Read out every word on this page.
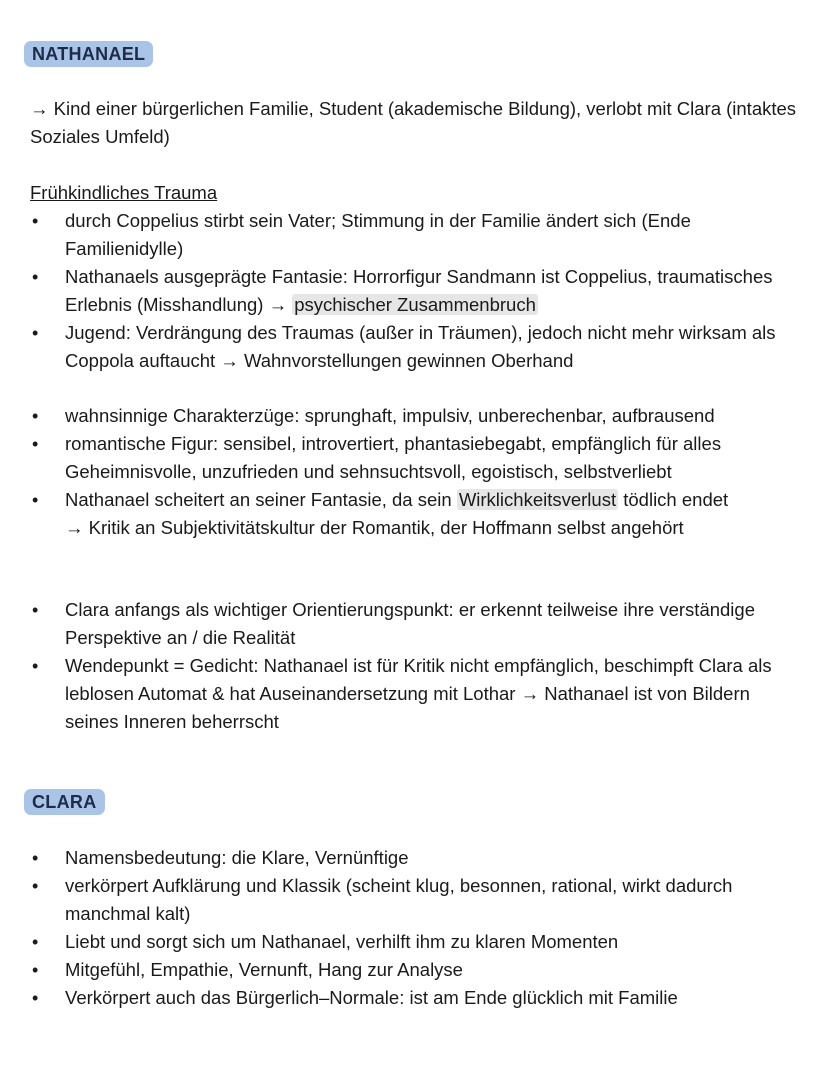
NATHANAEL

→ Kind einer bürgerlichen Familie, Student (akademische Bildung), verlobt mit Clara (intaktes Soziales Umfeld)

Frühkindliches Trauma

• durch Coppelius stirbt sein Vater; Stimmung in der Familie ändert sich (Ende Familienidylle)
• Nathanaels ausgeprägte Fantasie: Horrorfigur Sandmann ist Coppelius, traumatisches Erlebnis (Misshandlung) → psychischer Zusammenbruch
• Jugend: Verdrängung des Traumas (außer in Träumen), jedoch nicht mehr wirksam als Coppola auftaucht → Wahnvorstellungen gewinnen Oberhand
• wahnsinnige Charakterzüge: sprunghaft, impulsiv, unberechenbar, aufbrausend
• romantische Figur: sensibel, introvertiert, phantasiebegabt, empfänglich für alles Geheimnisvolle, unzufrieden und sehnsuchtsvoll, egoistisch, selbstverliebt
• Nathanael scheitert an seiner Fantasie, da sein Wirklichkeitsverlust tödlich endet
→ Kritik an Subjektivitätskultur der Romantik, der Hoffmann selbst angehört
• Clara anfangs als wichtiger Orientierungspunkt: er erkennt teilweise ihre verständige Perspektive an / die Realität
• Wendepunkt = Gedicht: Nathanael ist für Kritik nicht empfänglich, beschimpft Clara als leblosen Automat & hat Auseinandersetzung mit Lothar → Nathanael ist von Bildern seines Inneren beherrscht
CLARA
• Namensbedeutung: die Klare, Vernünftige
• verkörpert Aufklärung und Klassik (scheint klug, besonnen, rational, wirkt dadurch manchmal kalt)
• Liebt und sorgt sich um Nathanael, verhilft ihm zu klaren Momenten
• Mitgefühl, Empathie, Vernunft, Hang zur Analyse
• Verkörpert auch das Bürgerlich–Normale: ist am Ende glücklich mit Familie
